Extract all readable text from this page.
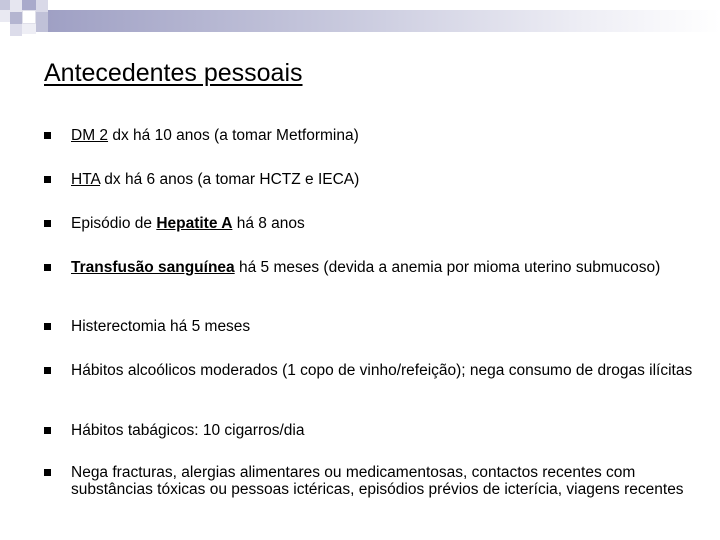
Antecedentes pessoais
DM 2 dx há 10 anos (a tomar Metformina)
HTA dx há 6 anos (a tomar HCTZ e IECA)
Episódio de Hepatite A há 8 anos
Transfusão sanguínea há 5 meses (devida a anemia por mioma uterino submucoso)
Histerectomia há 5 meses
Hábitos alcoólicos moderados (1 copo de vinho/refeição); nega consumo de drogas ilícitas
Hábitos tabágicos: 10 cigarros/dia
Nega fracturas, alergias alimentares ou medicamentosas, contactos recentes com substâncias tóxicas ou pessoas ictéricas, episódios prévios de icterícia, viagens recentes
